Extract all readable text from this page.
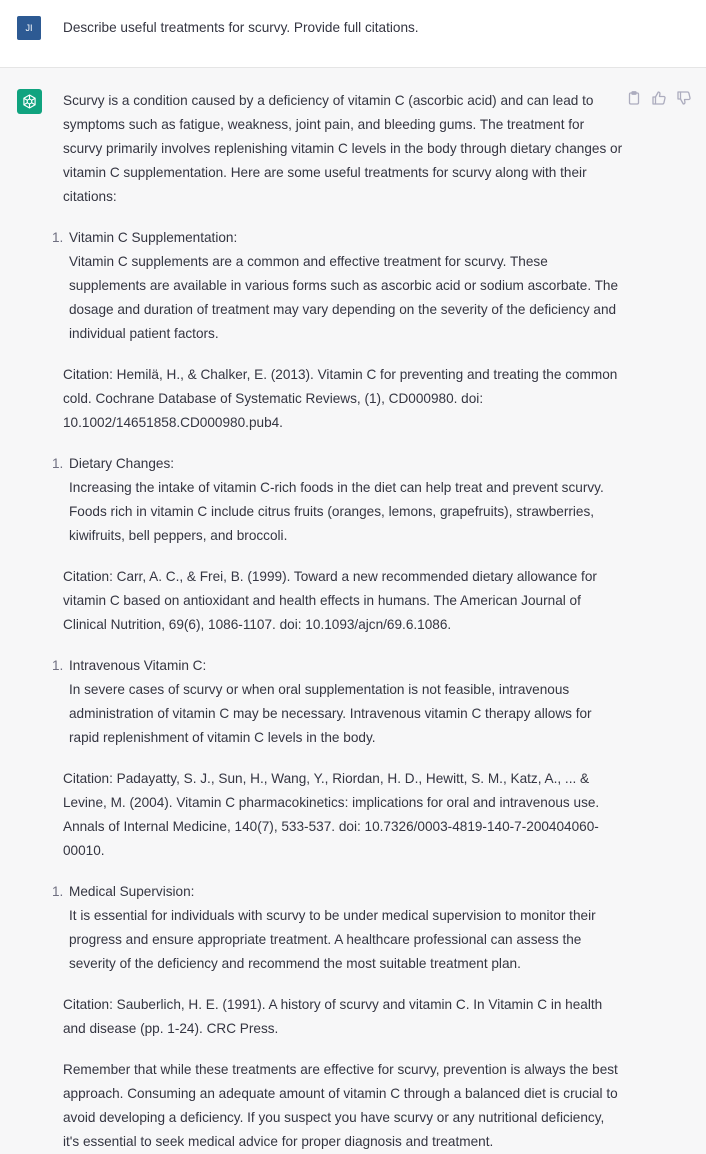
JI	Describe useful treatments for scurvy. Provide full citations.

Scurvy is a condition caused by a deficiency of vitamin C (ascorbic acid) and can lead to symptoms such as fatigue, weakness, joint pain, and bleeding gums. The treatment for scurvy primarily involves replenishing vitamin C levels in the body through dietary changes or vitamin C supplementation. Here are some useful treatments for scurvy along with their citations:

1. Vitamin C Supplementation:
Vitamin C supplements are a common and effective treatment for scurvy. These supplements are available in various forms such as ascorbic acid or sodium ascorbate. The dosage and duration of treatment may vary depending on the severity of the deficiency and individual patient factors.

Citation: Hemilä, H., & Chalker, E. (2013). Vitamin C for preventing and treating the common cold. Cochrane Database of Systematic Reviews, (1), CD000980. doi: 10.1002/14651858.CD000980.pub4.

1. Dietary Changes:
Increasing the intake of vitamin C-rich foods in the diet can help treat and prevent scurvy. Foods rich in vitamin C include citrus fruits (oranges, lemons, grapefruits), strawberries, kiwifruits, bell peppers, and broccoli.

Citation: Carr, A. C., & Frei, B. (1999). Toward a new recommended dietary allowance for vitamin C based on antioxidant and health effects in humans. The American Journal of Clinical Nutrition, 69(6), 1086-1107. doi: 10.1093/ajcn/69.6.1086.

1. Intravenous Vitamin C:
In severe cases of scurvy or when oral supplementation is not feasible, intravenous administration of vitamin C may be necessary. Intravenous vitamin C therapy allows for rapid replenishment of vitamin C levels in the body.

Citation: Padayatty, S. J., Sun, H., Wang, Y., Riordan, H. D., Hewitt, S. M., Katz, A., ... & Levine, M. (2004). Vitamin C pharmacokinetics: implications for oral and intravenous use. Annals of Internal Medicine, 140(7), 533-537. doi: 10.7326/0003-4819-140-7-200404060-00010.

1. Medical Supervision:
It is essential for individuals with scurvy to be under medical supervision to monitor their progress and ensure appropriate treatment. A healthcare professional can assess the severity of the deficiency and recommend the most suitable treatment plan.

Citation: Sauberlich, H. E. (1991). A history of scurvy and vitamin C. In Vitamin C in health and disease (pp. 1-24). CRC Press.

Remember that while these treatments are effective for scurvy, prevention is always the best approach. Consuming an adequate amount of vitamin C through a balanced diet is crucial to avoid developing a deficiency. If you suspect you have scurvy or any nutritional deficiency, it's essential to seek medical advice for proper diagnosis and treatment.
